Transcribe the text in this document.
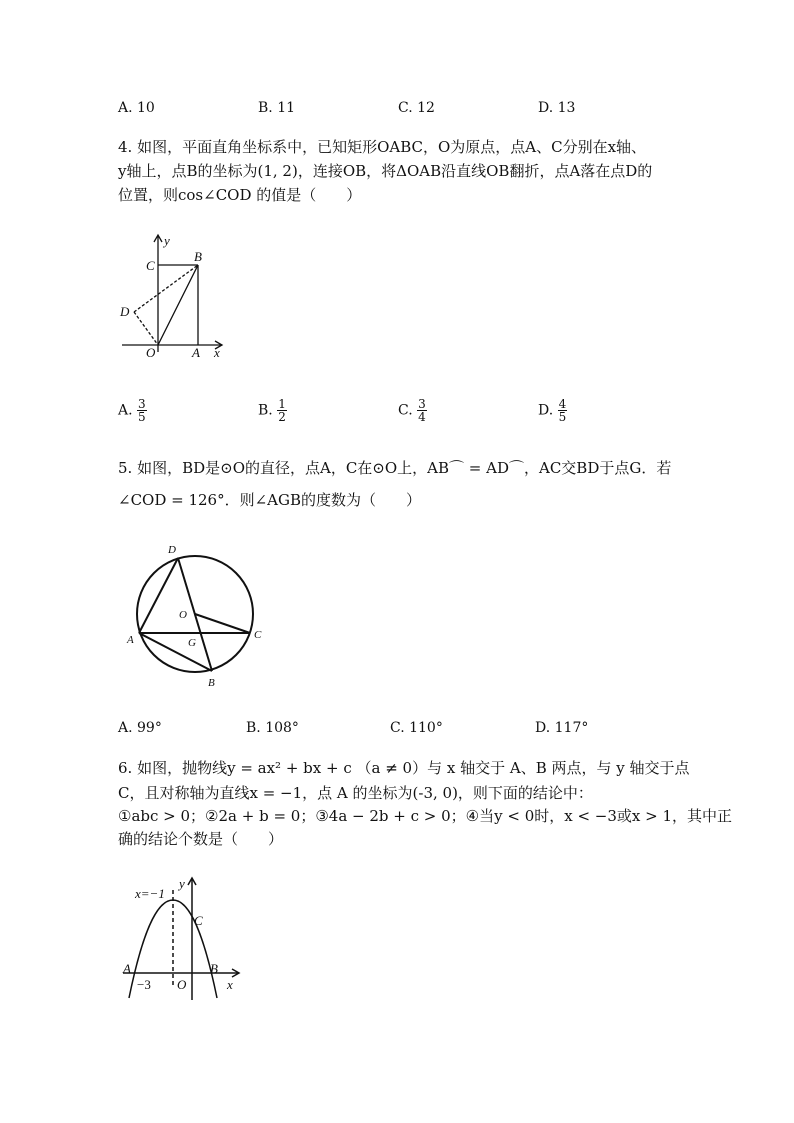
A. 10	B. 11	C. 12	D. 13
4. 如图，平面直角坐标系中，已知矩形OABC，O为原点，点A、C分别在x轴、
y轴上，点B的坐标为(1, 2)，连接OB，将ΔOAB沿直线OB翻折，点A落在点D的
位置，则cos∠COD 的值是（　　）
y
B
C
D
O	A x
A. $\frac{3}{5}$	B. $\frac{1}{2}$	C. $\frac{3}{4}$	D. $\frac{4}{5}$
5. 如图，BD是⊙O的直径，点A，C在⊙O上，AB⌒ = AD⌒，AC交BD于点G．若
∠COD = 126°．则∠AGB的度数为（　　）
D
O
A	G
C
B
A. 99°	B. 108°	C. 110°	D. 117°
6. 如图，抛物线y = ax² + bx + c （a ≠ 0）与 x 轴交于 A、B 两点，与 y 轴交于点
C，且对称轴为直线x = −1，点 A 的坐标为(-3, 0)，则下面的结论中：
①abc > 0；②2a + b = 0；③4a − 2b + c > 0；④当y < 0时，x < −3或x > 1，其中正
确的结论个数是（　　）
x=−1
y
C
A	B
−3 O	x
